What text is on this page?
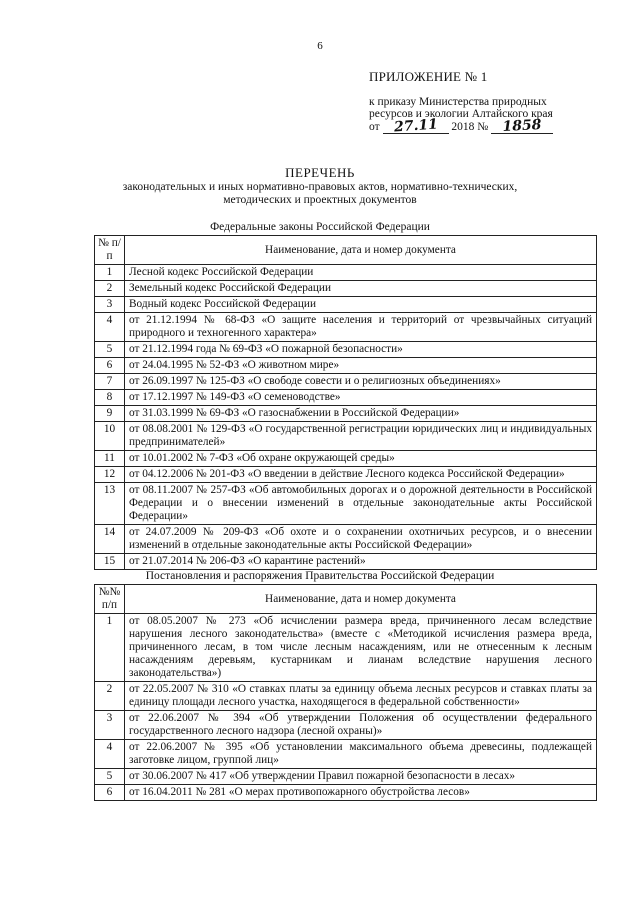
6
ПРИЛОЖЕНИЕ № 1
к приказу Министерства природных
ресурсов и экологии Алтайского края
от 27.11 2018 № 1858
ПЕРЕЧЕНЬ
законодательных и иных нормативно-правовых актов, нормативно-технических,
методических и проектных документов
Федеральные законы Российской Федерации
№ п/п	Наименование, дата и номер документа
1	Лесной кодекс Российской Федерации
2	Земельный кодекс Российской Федерации
3	Водный кодекс Российской Федерации
4	от 21.12.1994 № 68-ФЗ «О защите населения и территорий от чрезвычайных ситуаций природного и техногенного характера»
5	от 21.12.1994 года № 69-ФЗ «О пожарной безопасности»
6	от 24.04.1995 № 52-ФЗ «О животном мире»
7	от 26.09.1997 № 125-ФЗ «О свободе совести и о религиозных объединениях»
8	от 17.12.1997 № 149-ФЗ «О семеноводстве»
9	от 31.03.1999 № 69-ФЗ «О газоснабжении в Российской Федерации»
10	от 08.08.2001 № 129-ФЗ «О государственной регистрации юридических лиц и индивидуальных предпринимателей»
11	от 10.01.2002 № 7-ФЗ «Об охране окружающей среды»
12	от 04.12.2006 № 201-ФЗ «О введении в действие Лесного кодекса Российской Федерации»
13	от 08.11.2007 № 257-ФЗ «Об автомобильных дорогах и о дорожной деятельности в Российской Федерации и о внесении изменений в отдельные законодательные акты Российской Федерации»
14	от 24.07.2009 № 209-ФЗ «Об охоте и о сохранении охотничьих ресурсов, и о внесении изменений в отдельные законодательные акты Российской Федерации»
15	от 21.07.2014 № 206-ФЗ «О карантине растений»
Постановления и распоряжения Правительства Российской Федерации
№№ п/п	Наименование, дата и номер документа
1	от 08.05.2007 № 273 «Об исчислении размера вреда, причиненного лесам вследствие нарушения лесного законодательства» (вместе с «Методикой исчисления размера вреда, причиненного лесам, в том числе лесным насаждениям, или не отнесенным к лесным насаждениям деревьям, кустарникам и лианам вследствие нарушения лесного законодательства»)
2	от 22.05.2007 № 310 «О ставках платы за единицу объема лесных ресурсов и ставках платы за единицу площади лесного участка, находящегося в федеральной собственности»
3	от 22.06.2007 № 394 «Об утверждении Положения об осуществлении федерального государственного лесного надзора (лесной охраны)»
4	от 22.06.2007 № 395 «Об установлении максимального объема древесины, подлежащей заготовке лицом, группой лиц»
5	от 30.06.2007 № 417 «Об утверждении Правил пожарной безопасности в лесах»
6	от 16.04.2011 № 281 «О мерах противопожарного обустройства лесов»
